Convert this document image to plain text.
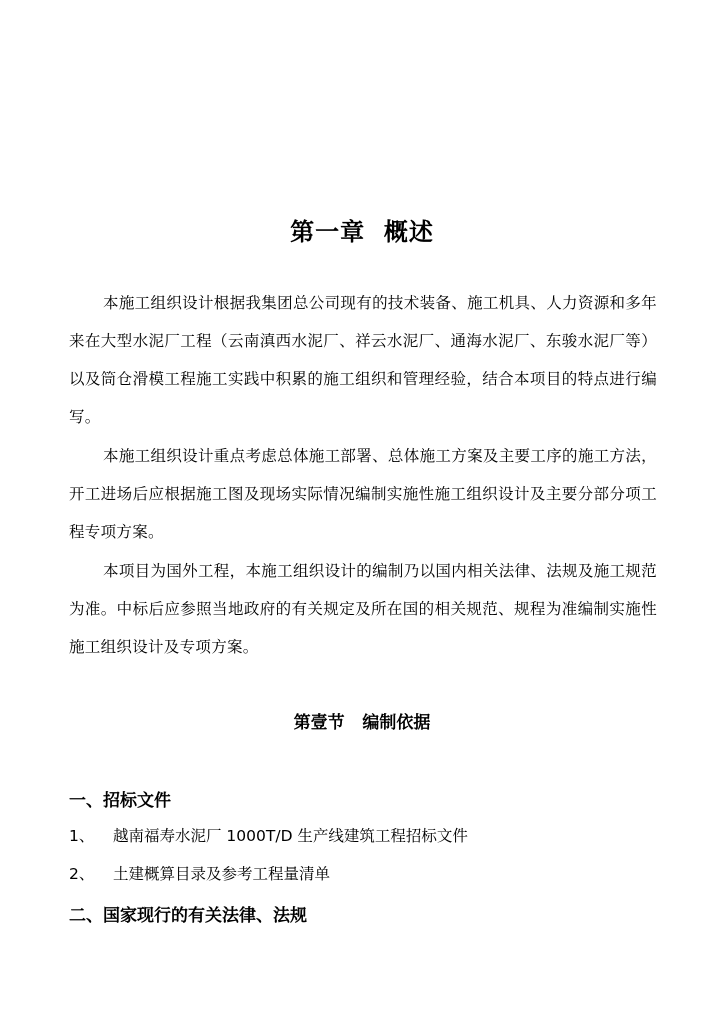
第一章  概述

本施工组织设计根据我集团总公司现有的技术装备、施工机具、人力资源和多年来在大型水泥厂工程（云南滇西水泥厂、祥云水泥厂、通海水泥厂、东骏水泥厂等）以及筒仓滑模工程施工实践中积累的施工组织和管理经验，结合本项目的特点进行编写。

本施工组织设计重点考虑总体施工部署、总体施工方案及主要工序的施工方法，开工进场后应根据施工图及现场实际情况编制实施性施工组织设计及主要分部分项工程专项方案。

本项目为国外工程，本施工组织设计的编制乃以国内相关法律、法规及施工规范为准。中标后应参照当地政府的有关规定及所在国的相关规范、规程为准编制实施性施工组织设计及专项方案。

第壹节   编制依据
一、招标文件
1、	越南福寿水泥厂 1000T/D 生产线建筑工程招标文件
2、	土建概算目录及参考工程量清单
二、国家现行的有关法律、法规
